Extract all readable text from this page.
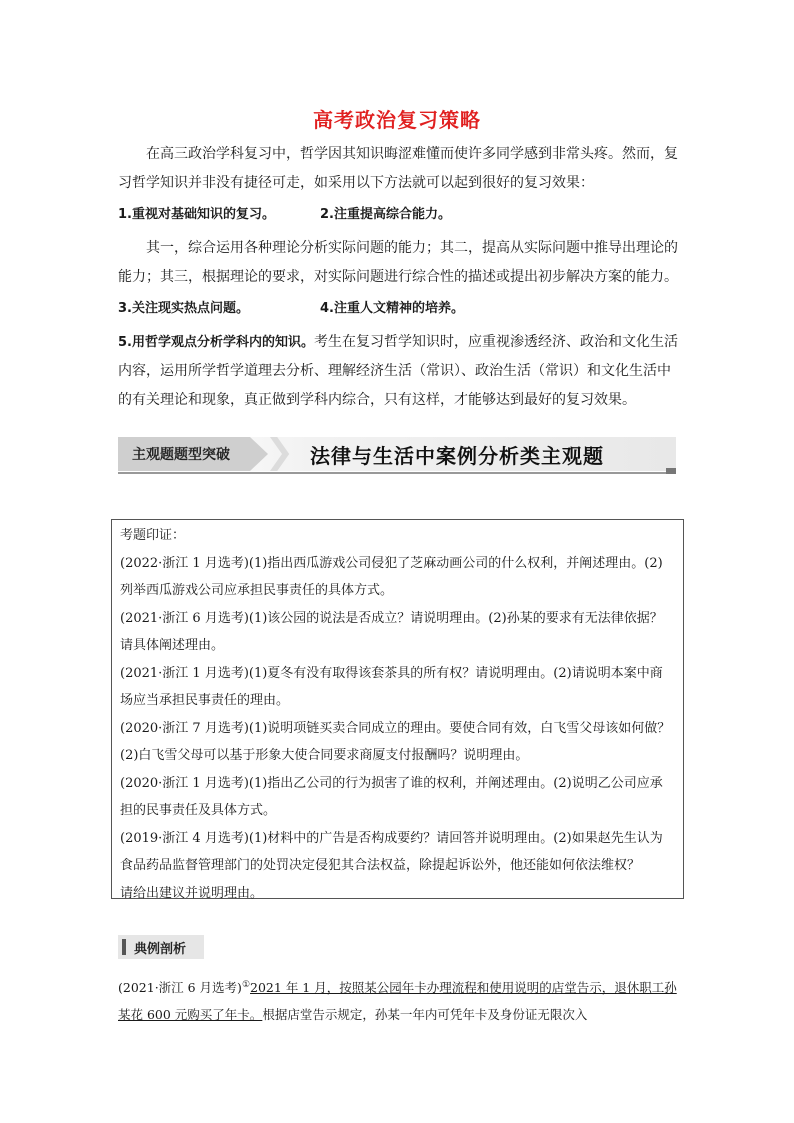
高考政治复习策略

在高三政治学科复习中，哲学因其知识晦涩难懂而使许多同学感到非常头疼。然而，复习哲学知识并非没有捷径可走，如采用以下方法就可以起到很好的复习效果：

1.重视对基础知识的复习。	2.注重提高综合能力。

其一，综合运用各种理论分析实际问题的能力；其二，提高从实际问题中推导出理论的能力；其三，根据理论的要求，对实际问题进行综合性的描述或提出初步解决方案的能力。

3.关注现实热点问题。	4.注重人文精神的培养。

5.用哲学观点分析学科内的知识。考生在复习哲学知识时，应重视渗透经济、政治和文化生活内容，运用所学哲学道理去分析、理解经济生活（常识）、政治生活（常识）和文化生活中的有关理论和现象，真正做到学科内综合，只有这样，才能够达到最好的复习效果。

主观题题型突破	法律与生活中案例分析类主观题

考题印证：

(2022·浙江 1 月选考)(1)指出西瓜游戏公司侵犯了芝麻动画公司的什么权利，并阐述理由。(2)

列举西瓜游戏公司应承担民事责任的具体方式。

(2021·浙江 6 月选考)(1)该公园的说法是否成立？请说明理由。(2)孙某的要求有无法律依据？

请具体阐述理由。

(2021·浙江 1 月选考)(1)夏冬有没有取得该套茶具的所有权？请说明理由。(2)请说明本案中商

场应当承担民事责任的理由。

(2020·浙江 7 月选考)(1)说明项链买卖合同成立的理由。要使合同有效，白飞雪父母该如何做？

(2)白飞雪父母可以基于形象大使合同要求商厦支付报酬吗？说明理由。

(2020·浙江 1 月选考)(1)指出乙公司的行为损害了谁的权利，并阐述理由。(2)说明乙公司应承

担的民事责任及具体方式。

(2019·浙江 4 月选考)(1)材料中的广告是否构成要约？请回答并说明理由。(2)如果赵先生认为

食品药品监督管理部门的处罚决定侵犯其合法权益，除提起诉讼外，他还能如何依法维权？

请给出建议并说明理由。

典例剖析

(2021·浙江 6 月选考)①2021 年 1 月，按照某公园年卡办理流程和使用说明的店堂告示，退休职工孙某花 600 元购买了年卡。根据店堂告示规定，孙某一年内可凭年卡及身份证无限次入
